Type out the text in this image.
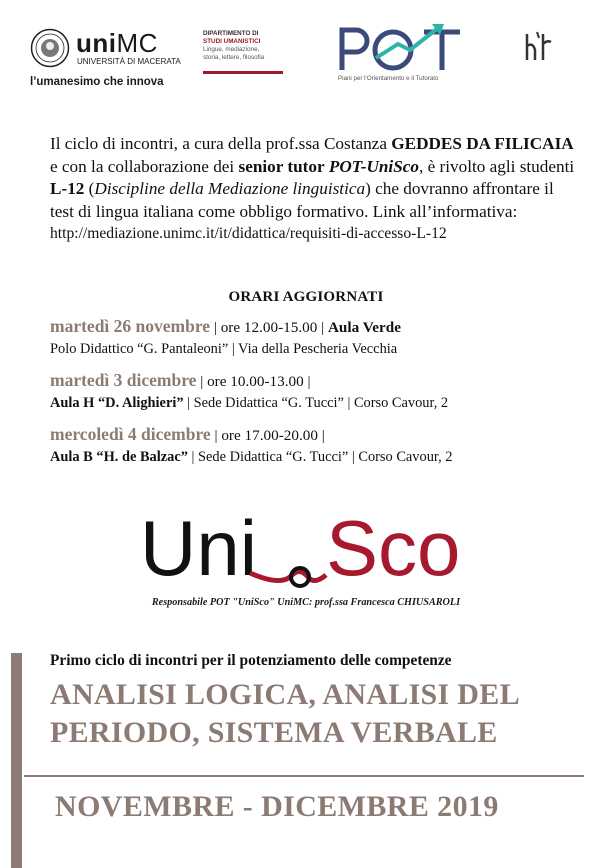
uniMC
UNIVERSITÀ DI MACERATA
l’umanesimo che innova
DIPARTIMENTO DI
STUDI UMANISTICI
Lingue, mediazione,
storia, lettere, filosofia
Piani per l’Orientamento e il Tutorato
Il ciclo di incontri, a cura della prof.ssa Costanza GEDDES DA FILICAIA e con la collaborazione dei senior tutor POT-UniSco, è rivolto agli studenti L-12 (Discipline della Mediazione linguistica) che dovranno affrontare il test di lingua italiana come obbligo formativo. Link all’informativa:
http://mediazione.unimc.it/it/didattica/requisiti-di-accesso-L-12
ORARI AGGIORNATI
martedì 26 novembre | ore 12.00-15.00 | Aula Verde
Polo Didattico “G. Pantaleoni” | Via della Pescheria Vecchia
martedì 3 dicembre | ore 10.00-13.00 |
Aula H “D. Alighieri” | Sede Didattica “G. Tucci” | Corso Cavour, 2
mercoledì 4 dicembre | ore 17.00-20.00 |
Aula B “H. de Balzac” | Sede Didattica “G. Tucci” | Corso Cavour, 2
Uni Sco
Responsabile POT "UniSco" UniMC: prof.ssa Francesca CHIUSAROLI
Primo ciclo di incontri per il potenziamento delle competenze
ANALISI LOGICA, ANALISI DEL
PERIODO, SISTEMA VERBALE
NOVEMBRE - DICEMBRE 2019
